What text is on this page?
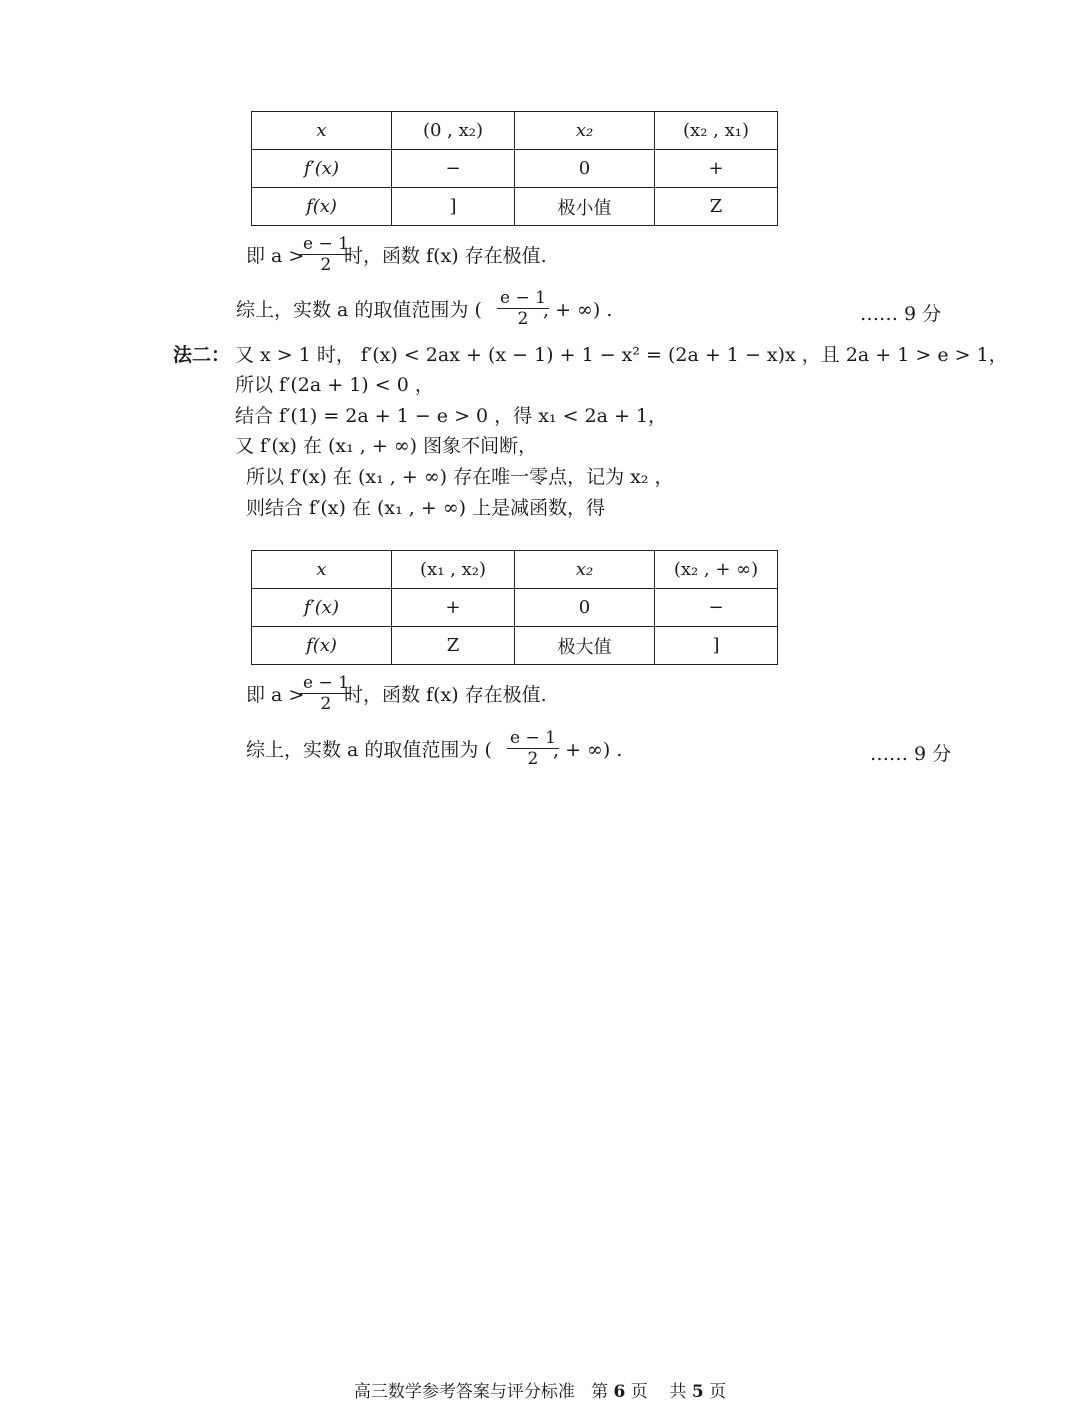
x	(0 , x₂)	x₂	(x₂ , x₁)
f′(x)	−	0	+
f(x)	]	极小值	Z
即 a >
$\frac{e - 1}{2}$
时，函数 f(x) 存在极值.
综上，实数 a 的取值范围为 ( $\frac{e - 1}{2}$
, + ∞) .	…… 9 分
法二： 又 x > 1 时， f′(x) < 2ax + (x − 1) + 1 − x² = (2a + 1 − x)x ，且 2a + 1 > e > 1，
所以 f′(2a + 1) < 0 ，
结合 f′(1) = 2a + 1 − e > 0 ，得 x₁ < 2a + 1，
又 f′(x) 在 (x₁ , + ∞) 图象不间断，
所以 f′(x) 在 (x₁ , + ∞) 存在唯一零点，记为 x₂ ，
则结合 f′(x) 在 (x₁ , + ∞) 上是减函数，得
x	(x₁ , x₂)	x₂	(x₂ , + ∞)
f′(x)	+	0	−
f(x)	Z	极大值	]
即 a >
$\frac{e - 1}{2}$
时，函数 f(x) 存在极值.
综上，实数 a 的取值范围为 ( $\frac{e - 1}{2}$
, + ∞) .	…… 9 分
高三数学参考答案与评分标准 第 6 页 共 5 页
